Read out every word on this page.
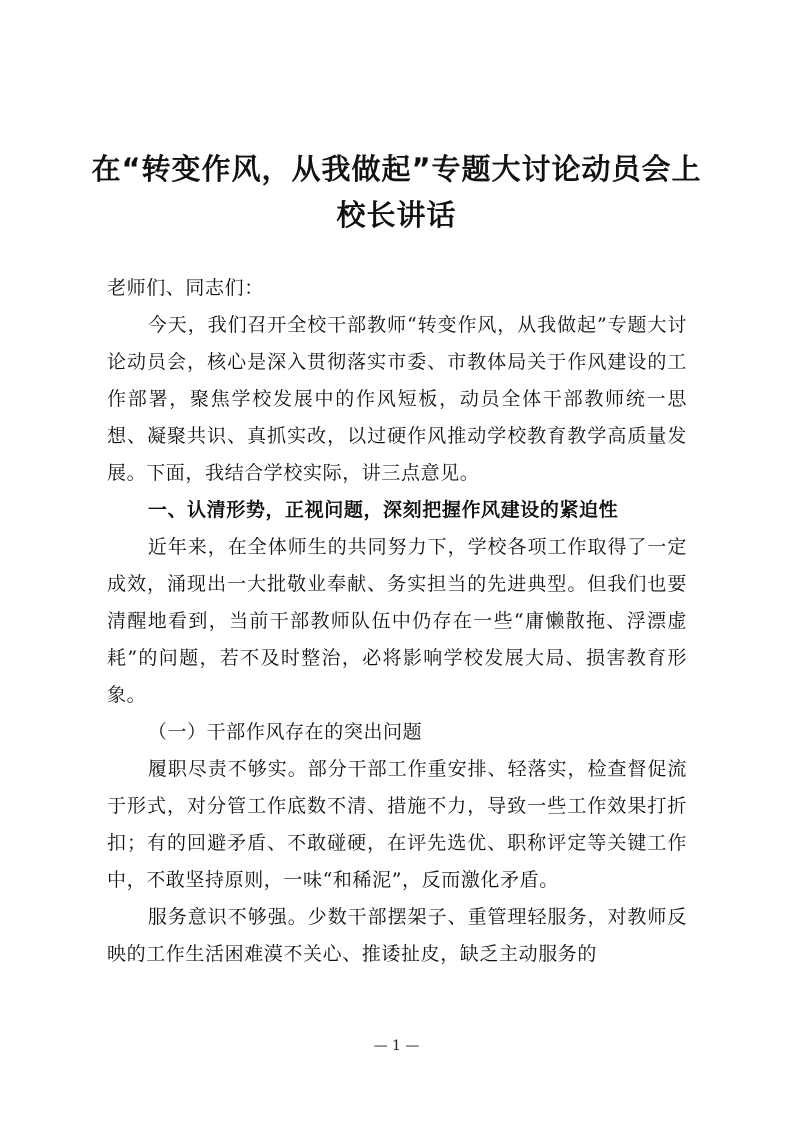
在“转变作风，从我做起”专题大讨论动员会上校长讲话

老师们、同志们：

今天，我们召开全校干部教师“转变作风，从我做起”专题大讨论动员会，核心是深入贯彻落实市委、市教体局关于作风建设的工作部署，聚焦学校发展中的作风短板，动员全体干部教师统一思想、凝聚共识、真抓实改，以过硬作风推动学校教育教学高质量发展。下面，我结合学校实际，讲三点意见。

一、认清形势，正视问题，深刻把握作风建设的紧迫性

近年来，在全体师生的共同努力下，学校各项工作取得了一定成效，涌现出一大批敬业奉献、务实担当的先进典型。但我们也要清醒地看到，当前干部教师队伍中仍存在一些“庸懒散拖、浮漂虚耗”的问题，若不及时整治，必将影响学校发展大局、损害教育形象。

（一）干部作风存在的突出问题

履职尽责不够实。部分干部工作重安排、轻落实，检查督促流于形式，对分管工作底数不清、措施不力，导致一些工作效果打折扣；有的回避矛盾、不敢碰硬，在评先选优、职称评定等关键工作中，不敢坚持原则，一味“和稀泥”，反而激化矛盾。

服务意识不够强。少数干部摆架子、重管理轻服务，对教师反映的工作生活困难漠不关心、推诿扯皮，缺乏主动服务的

— 1 —
